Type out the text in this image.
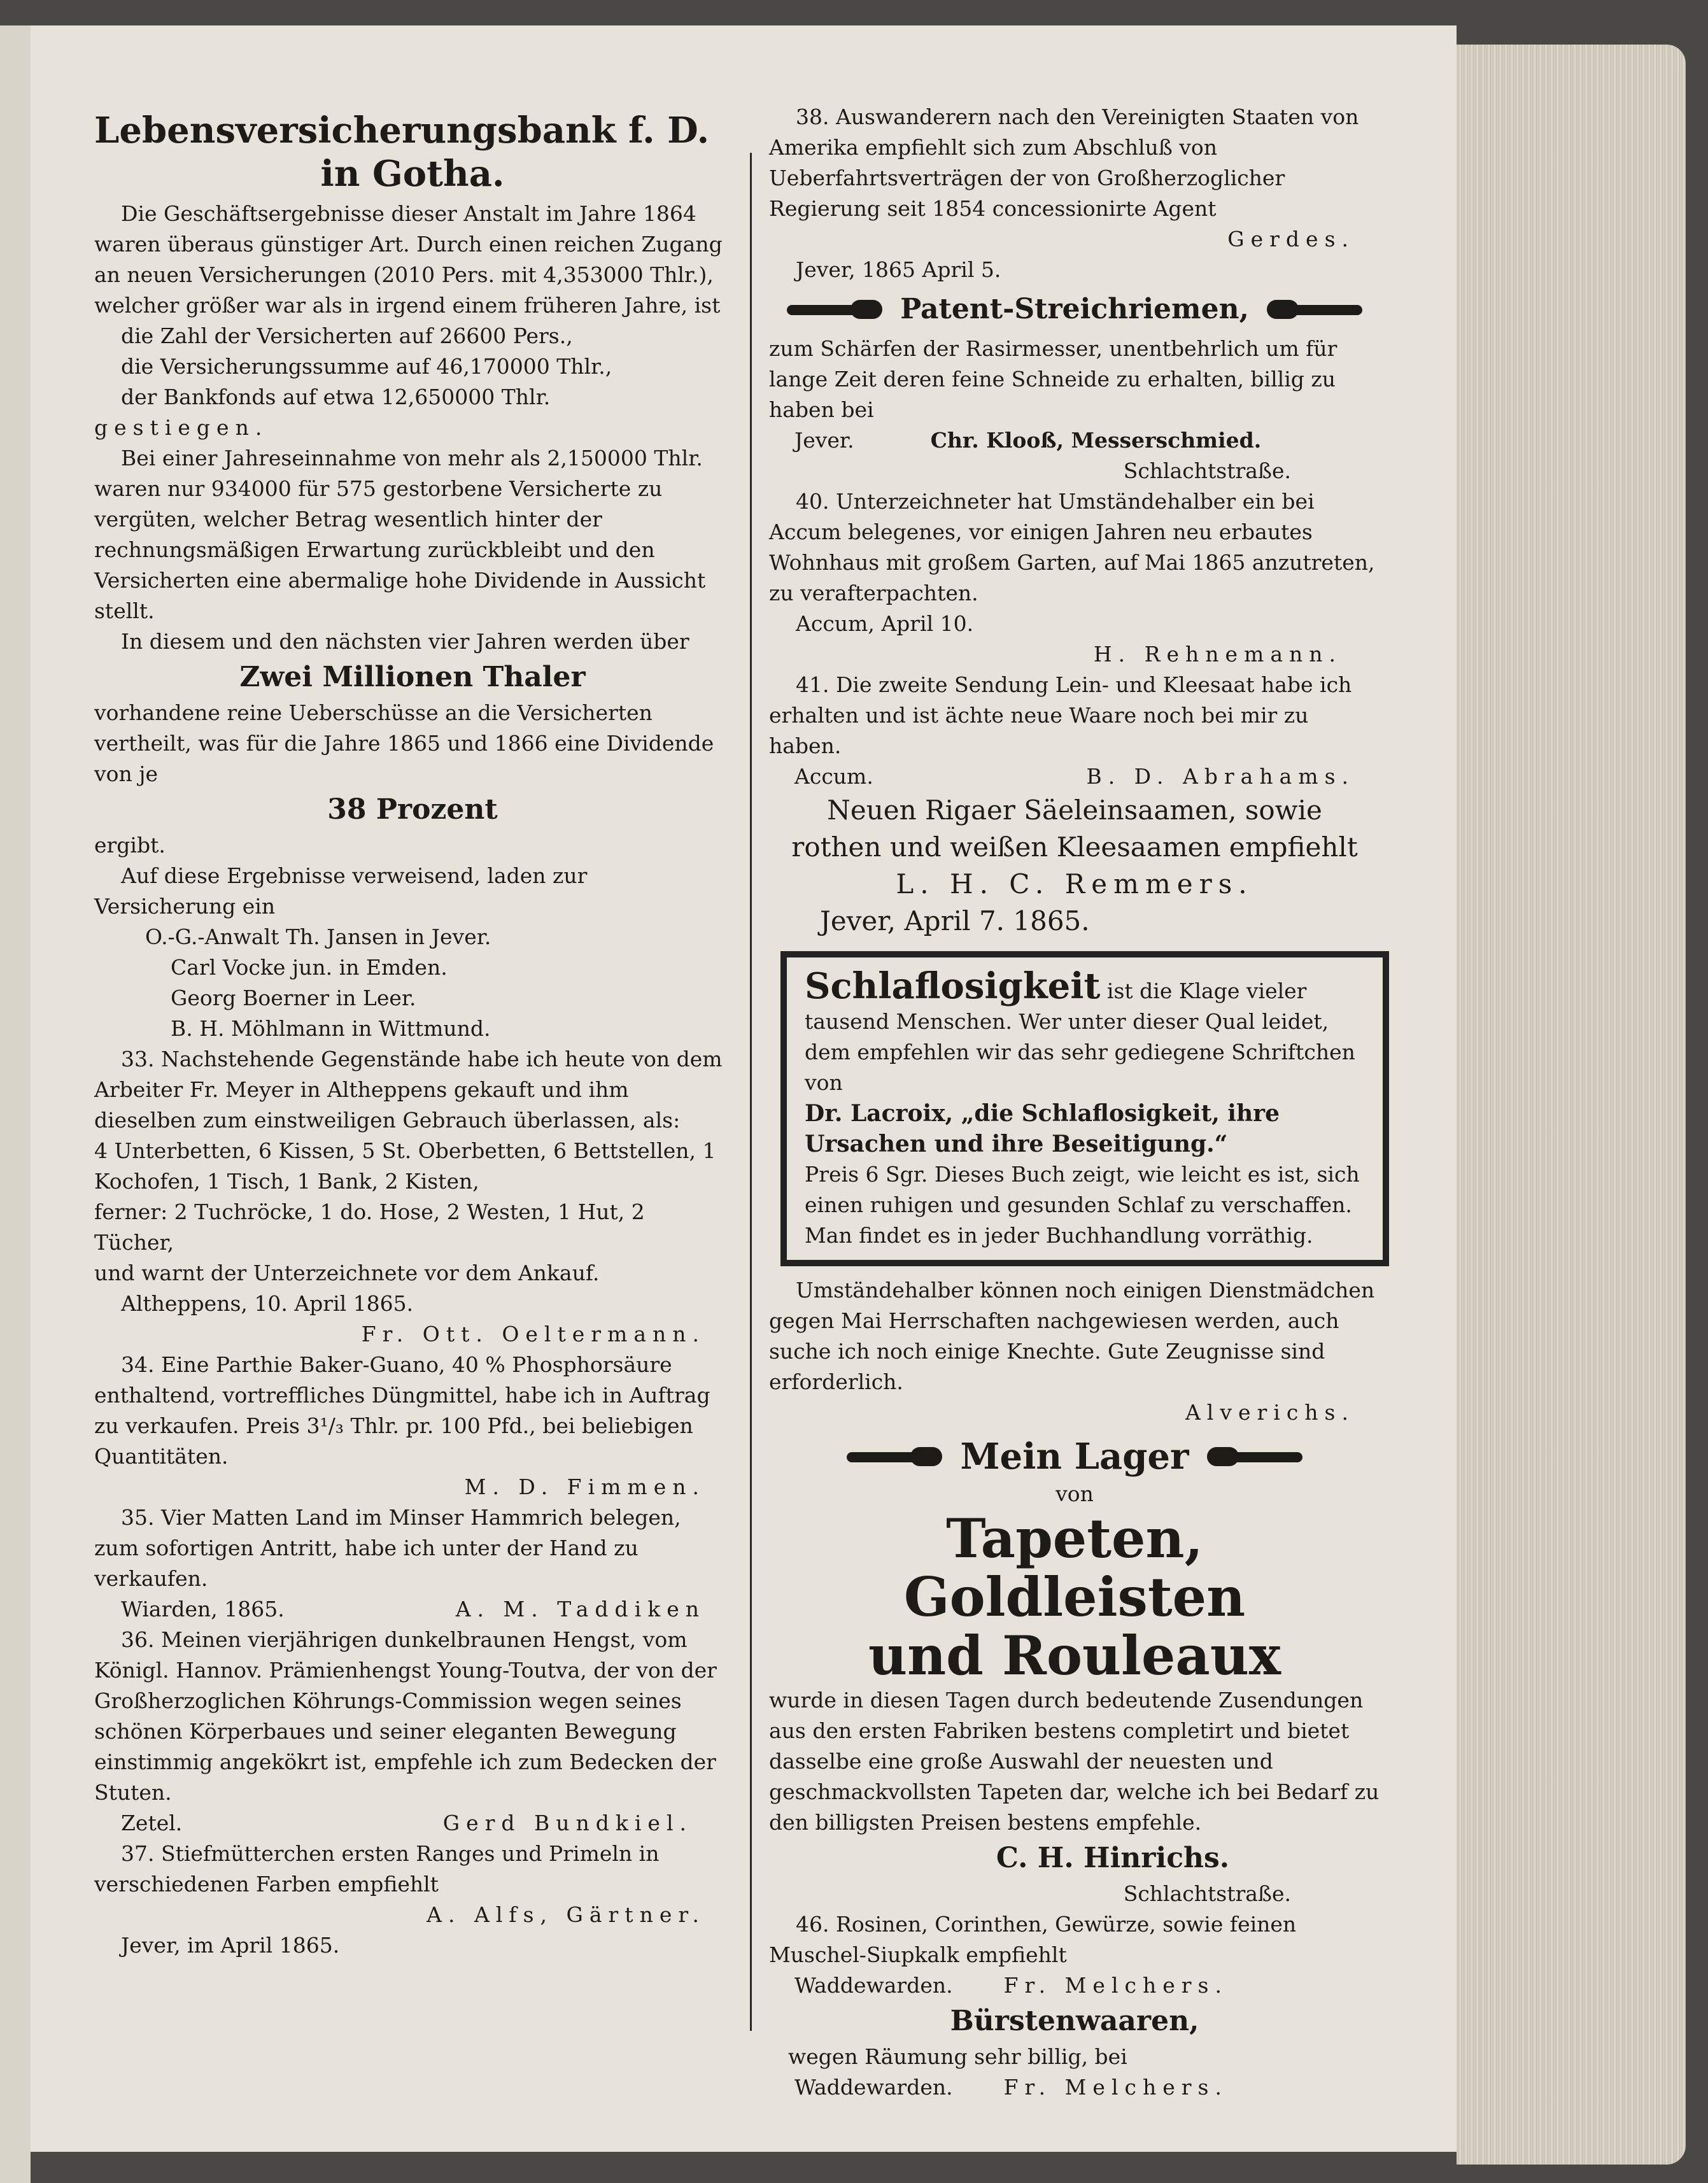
Lebensversicherungsbank f. D.

in Gotha.

Die Geschäftsergebnisse dieser Anstalt im Jahre 1864 waren überaus günstiger Art. Durch einen reichen Zugang an neuen Versicherungen (2010 Pers. mit 4,353000 Thlr.), welcher größer war als in irgend einem früheren Jahre, ist

die Zahl der Versicherten auf 26600 Pers.,

die Versicherungssumme auf 46,170000 Thlr.,

der Bankfonds auf etwa 12,650000 Thlr.

gestiegen.

Bei einer Jahreseinnahme von mehr als 2,150000 Thlr. waren nur 934000 für 575 gestorbene Versicherte zu vergüten, welcher Betrag wesentlich hinter der rechnungsmäßigen Erwartung zurückbleibt und den Versicherten eine abermalige hohe Dividende in Aussicht stellt.

In diesem und den nächsten vier Jahren werden über

Zwei Millionen Thaler

vorhandene reine Ueberschüsse an die Versicherten vertheilt, was für die Jahre 1865 und 1866 eine Dividende von je

38 Prozent

ergibt.

Auf diese Ergebnisse verweisend, laden zur Versicherung ein

O.-G.-Anwalt Th. Jansen in Jever.

Carl Vocke jun. in Emden.

Georg Boerner in Leer.

B. H. Möhlmann in Wittmund.

33. Nachstehende Gegenstände habe ich heute von dem Arbeiter Fr. Meyer in Altheppens gekauft und ihm dieselben zum einstweiligen Gebrauch überlassen, als:

4 Unterbetten, 6 Kissen, 5 St. Oberbetten, 6 Bettstellen, 1 Kochofen, 1 Tisch, 1 Bank, 2 Kisten,

ferner: 2 Tuchröcke, 1 do. Hose, 2 Westen, 1 Hut, 2 Tücher,

und warnt der Unterzeichnete vor dem Ankauf.

Altheppens, 10. April 1865.

Fr. Ott. Oeltermann.

34. Eine Parthie Baker-Guano, 40 % Phosphorsäure enthaltend, vortreffliches Düngmittel, habe ich in Auftrag zu verkaufen. Preis 3¹/₃ Thlr. pr. 100 Pfd., bei beliebigen Quantitäten.

M. D. Fimmen.

35. Vier Matten Land im Minser Hammrich belegen, zum sofortigen Antritt, habe ich unter der Hand zu verkaufen.

Wiarden, 1865.	A. M. Taddiken

36. Meinen vierjährigen dunkelbraunen Hengst, vom Königl. Hannov. Prämienhengst Young-Toutva, der von der Großherzoglichen Köhrungs-Commission wegen seines schönen Körperbaues und seiner eleganten Bewegung einstimmig angekökrt ist, empfehle ich zum Bedecken der Stuten.

Zetel.	Gerd Bundkiel.

37. Stiefmütterchen ersten Ranges und Primeln in verschiedenen Farben empfiehlt

A. Alfs, Gärtner.

Jever, im April 1865.

38. Auswanderern nach den Vereinigten Staaten von Amerika empfiehlt sich zum Abschluß von Ueberfahrtsverträgen der von Großherzoglicher Regierung seit 1854 concessionirte Agent

Gerdes.

Jever, 1865 April 5.

Patent-Streichriemen,

zum Schärfen der Rasirmesser, unentbehrlich um für lange Zeit deren feine Schneide zu erhalten, billig zu haben bei

Jever.	Chr. Klooß, Messerschmied.

Schlachtstraße.

40. Unterzeichneter hat Umständehalber ein bei Accum belegenes, vor einigen Jahren neu erbautes Wohnhaus mit großem Garten, auf Mai 1865 anzutreten, zu verafterpachten.

Accum, April 10.

H. Rehnemann.

41. Die zweite Sendung Lein- und Kleesaat habe ich erhalten und ist ächte neue Waare noch bei mir zu haben.

Accum.	B. D. Abrahams.

Neuen Rigaer Säeleinsaamen, sowie

rothen und weißen Kleesaamen empfiehlt

L. H. C. Remmers.

Jever, April 7. 1865.

Schlaflosigkeit ist die Klage vieler tausend Menschen. Wer unter dieser Qual leidet, dem empfehlen wir das sehr gediegene Schriftchen von

Dr. Lacroix, „die Schlaflosigkeit, ihre Ursachen und ihre Beseitigung.“

Preis 6 Sgr. Dieses Buch zeigt, wie leicht es ist, sich einen ruhigen und gesunden Schlaf zu verschaffen. Man findet es in jeder Buchhandlung vorräthig.

Umständehalber können noch einigen Dienstmädchen gegen Mai Herrschaften nachgewiesen werden, auch suche ich noch einige Knechte. Gute Zeugnisse sind erforderlich.

Alverichs.

Mein Lager

von

Tapeten, Goldleisten

und Rouleaux

wurde in diesen Tagen durch bedeutende Zusendungen aus den ersten Fabriken bestens completirt und bietet dasselbe eine große Auswahl der neuesten und geschmackvollsten Tapeten dar, welche ich bei Bedarf zu den billigsten Preisen bestens empfehle.

C. H. Hinrichs.

Schlachtstraße.

46. Rosinen, Corinthen, Gewürze, sowie feinen Muschel-Siupkalk empfiehlt

Waddewarden. Fr. Melchers.

Bürstenwaaren,

wegen Räumung sehr billig, bei

Waddewarden. Fr. Melchers.
